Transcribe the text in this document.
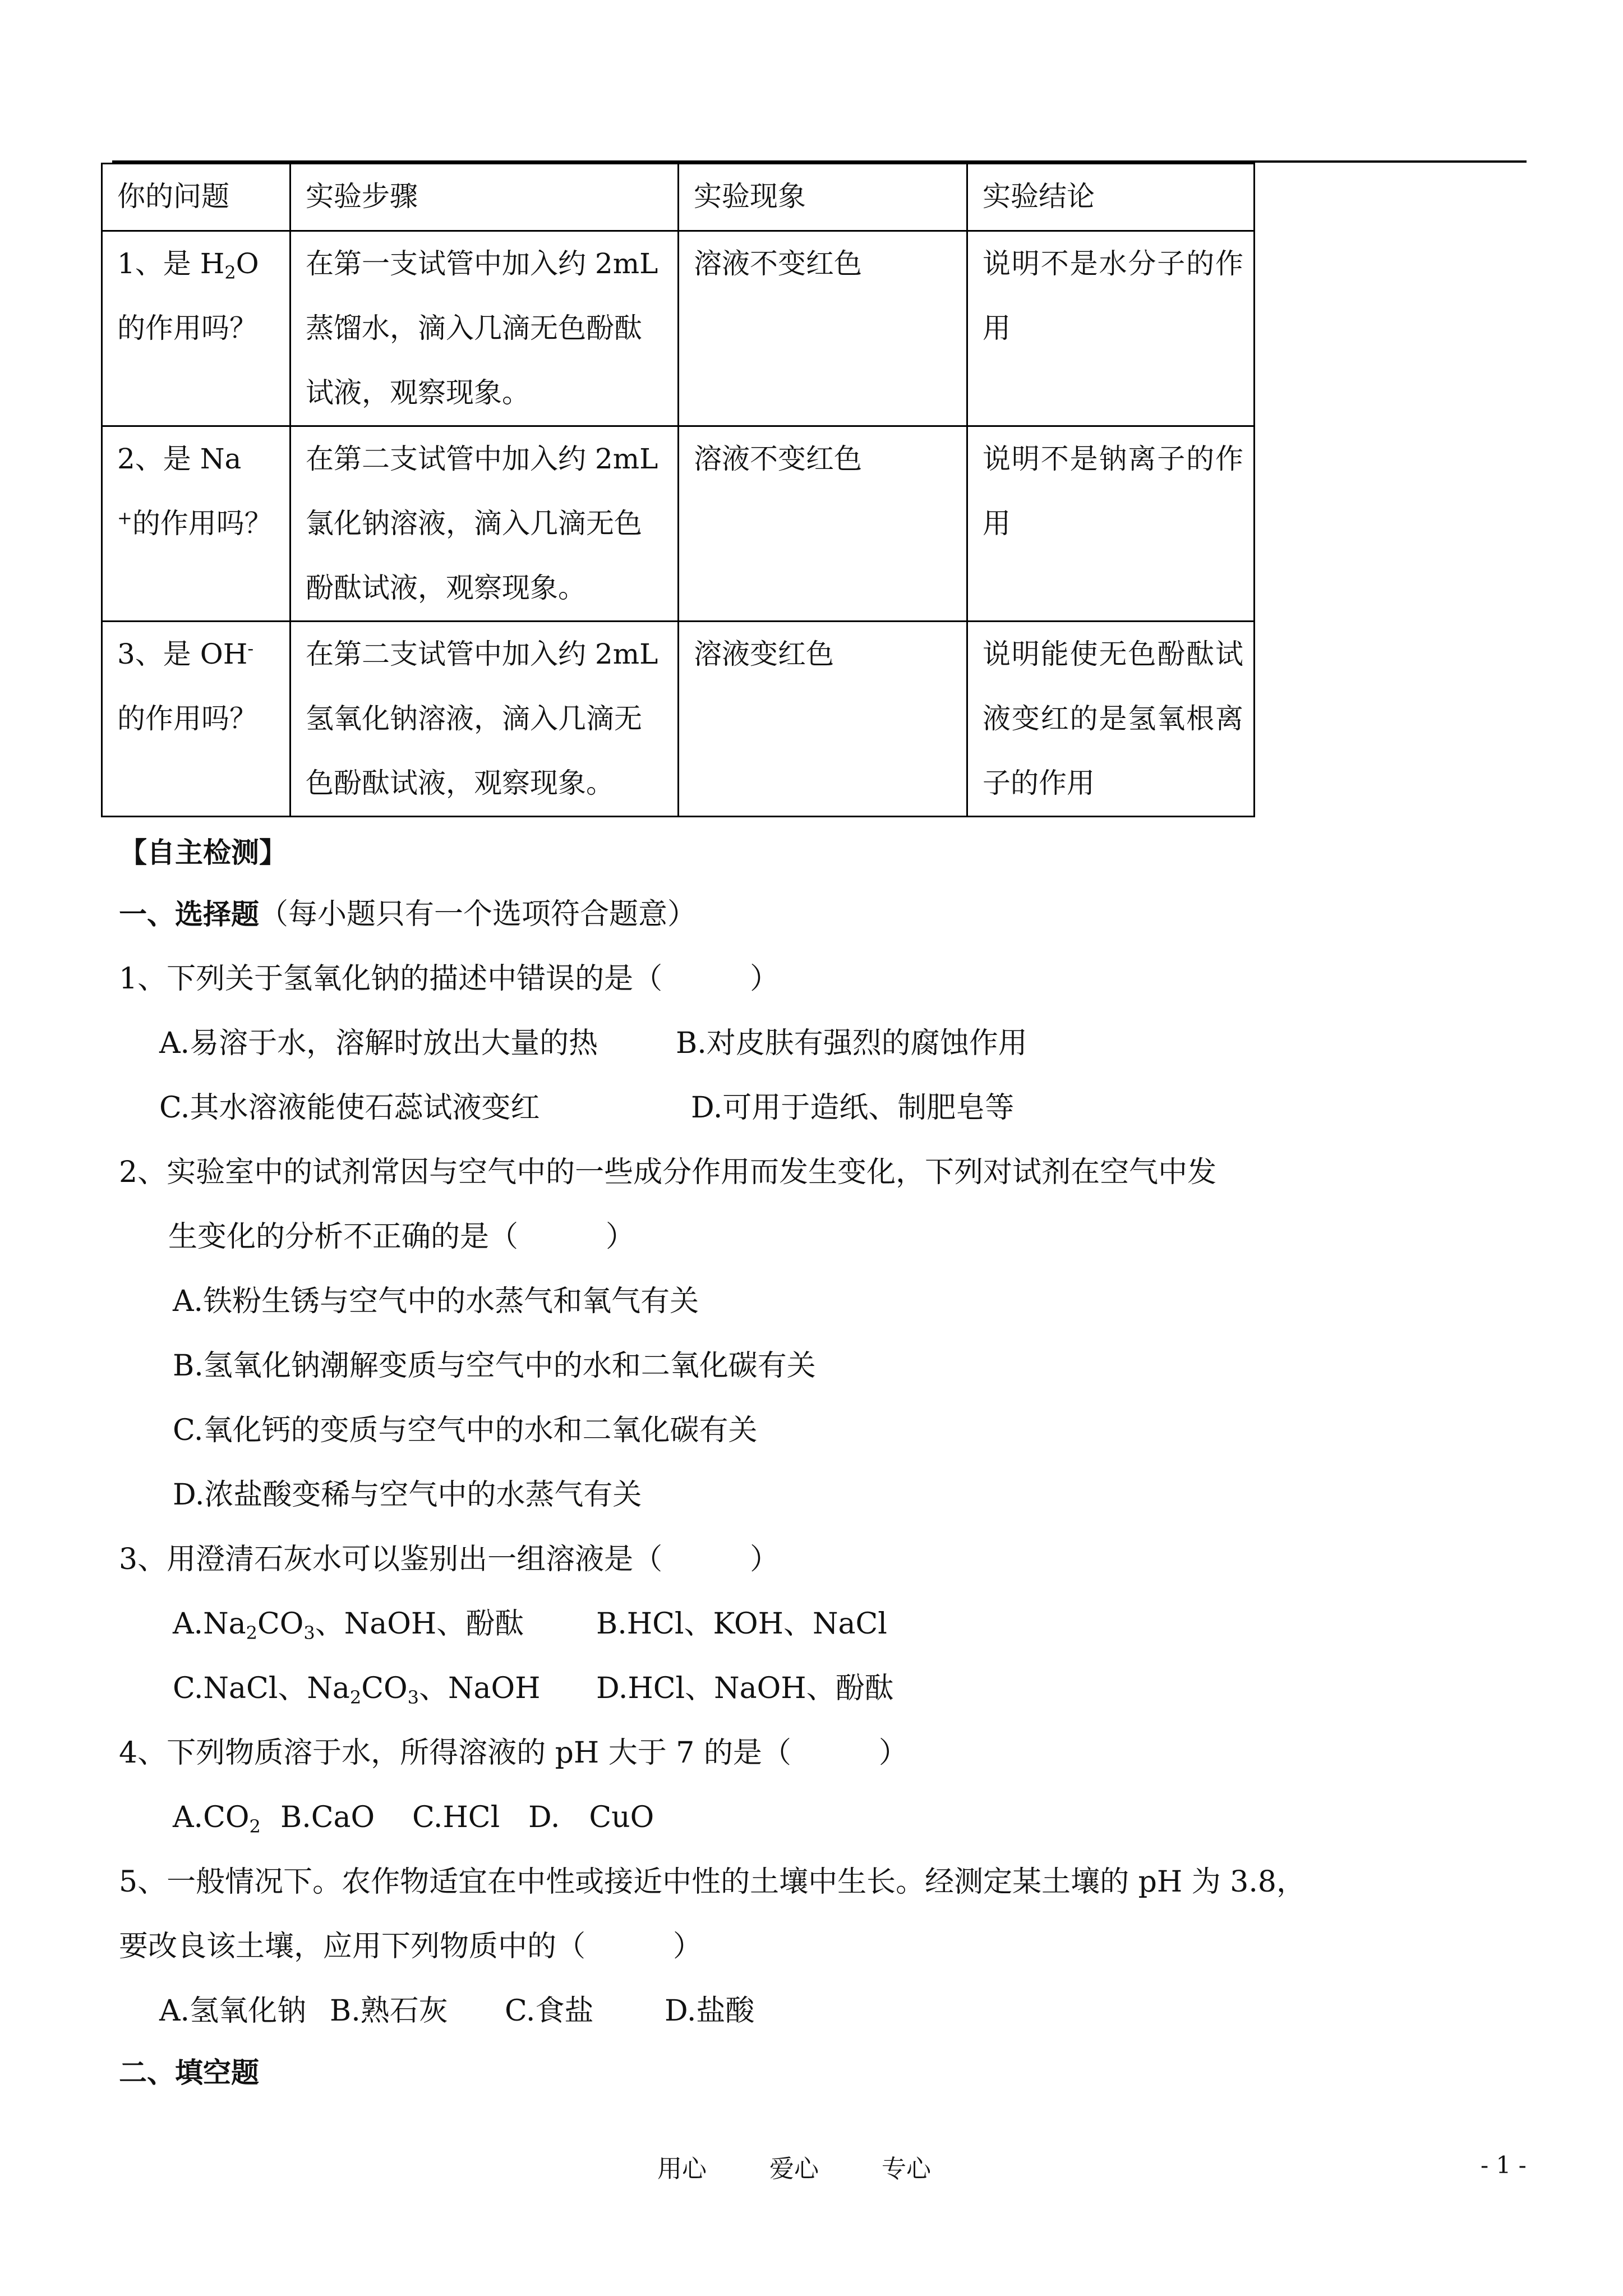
你的问题	实验步骤	实验现象	实验结论
1、是 $H_2O$ 的作用吗？	在第一支试管中加入约 2mL 蒸馏水，滴入几滴无色酚酞试液，观察现象。	溶液不变红色	说明不是水分子的作用
2、是 Na+的作用吗？	在第二支试管中加入约 2mL 氯化钠溶液，滴入几滴无色酚酞试液，观察现象。	溶液不变红色	说明不是钠离子的作用
3、是 OH-的作用吗？	在第二支试管中加入约 2mL 氢氧化钠溶液，滴入几滴无色酚酞试液，观察现象。	溶液变红色	说明能使无色酚酞试液变红的是氢氧根离子的作用
【自主检测】
一、选择题（每小题只有一个选项符合题意）
1、下列关于氢氧化钠的描述中错误的是（　　　）
A.易溶于水，溶解时放出大量的热	B.对皮肤有强烈的腐蚀作用
C.其水溶液能使石蕊试液变红	D.可用于造纸、制肥皂等
2、实验室中的试剂常因与空气中的一些成分作用而发生变化，下列对试剂在空气中发
生变化的分析不正确的是（　　　）
A.铁粉生锈与空气中的水蒸气和氧气有关
B.氢氧化钠潮解变质与空气中的水和二氧化碳有关
C.氧化钙的变质与空气中的水和二氧化碳有关
D.浓盐酸变稀与空气中的水蒸气有关
3、用澄清石灰水可以鉴别出一组溶液是（　　　）
$A.Na_2CO_3$、NaOH、酚酞 B.HCl、KOH、NaCl
C.NaCl、$Na_2CO_3$、NaOH D.HCl、NaOH、酚酞
4、下列物质溶于水，所得溶液的 pH 大于 7 的是（　　　）
$A.CO_2$ B.CaO C.HCl D.　CuO
5、一般情况下。农作物适宜在中性或接近中性的土壤中生长。经测定某土壤的 pH 为 3.8，
要改良该土壤，应用下列物质中的（　　　）
A.氢氧化钠 B.熟石灰 C.食盐 D.盐酸
二、填空题
用心	爱心	专心	- 1 -
